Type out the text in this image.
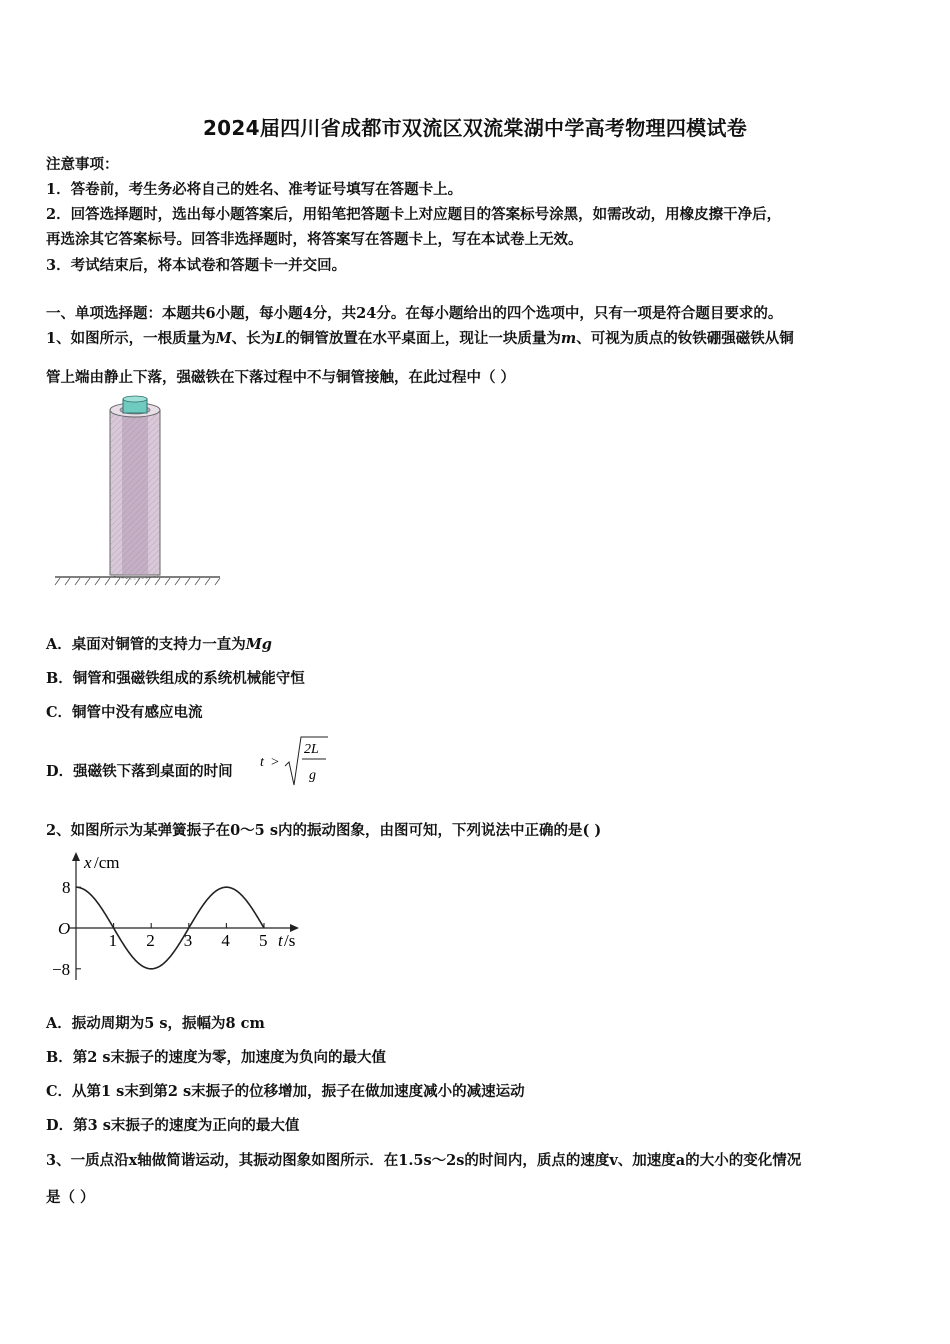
2024届四川省成都市双流区双流棠湖中学高考物理四模试卷
注意事项：
1．答卷前，考生务必将自己的姓名、准考证号填写在答题卡上。
2．回答选择题时，选出每小题答案后，用铅笔把答题卡上对应题目的答案标号涂黑，如需改动，用橡皮擦干净后，
再选涂其它答案标号。回答非选择题时，将答案写在答题卡上，写在本试卷上无效。
3．考试结束后，将本试卷和答题卡一并交回。
一、单项选择题：本题共6小题，每小题4分，共24分。在每小题给出的四个选项中，只有一项是符合题目要求的。
1、如图所示，一根质量为M、长为L的铜管放置在水平桌面上，现让一块质量为m、可视为质点的钕铁硼强磁铁从铜
管上端由静止下落，强磁铁在下落过程中不与铜管接触，在此过程中（ ）
A．桌面对铜管的支持力一直为Mg
B．铜管和强磁铁组成的系统机械能守恒
C．铜管中没有感应电流
D．强磁铁下落到桌面的时间
t >
2L
g
2、如图所示为某弹簧振子在0～5 s内的振动图象，由图可知，下列说法中正确的是( )
x /cm
t /s
O
1 2 3 4 5
8
−8
A．振动周期为5 s，振幅为8 cm
B．第2 s末振子的速度为零，加速度为负向的最大值
C．从第1 s末到第2 s末振子的位移增加，振子在做加速度减小的减速运动
D．第3 s末振子的速度为正向的最大值
3、一质点沿x轴做简谐运动，其振动图象如图所示．在1.5s～2s的时间内，质点的速度v、加速度a的大小的变化情况
是（ ）
